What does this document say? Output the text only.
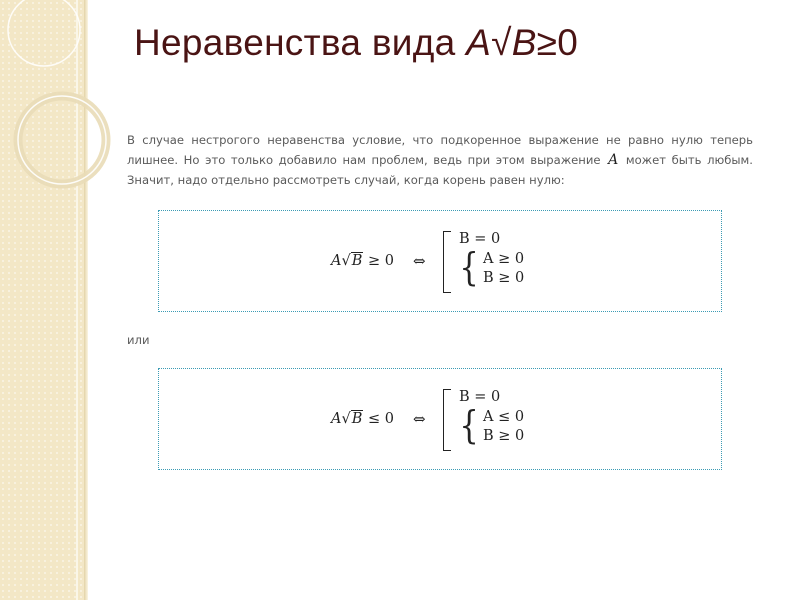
Неравенства вида A√B≥0
В случае нестрогого неравенства условие, что подкоренное выражение не равно нулю теперь лишнее. Но это только добавило нам проблем, ведь при этом выражение A может быть любым. Значит, надо отдельно рассмотреть случай, когда корень равен нулю:
A√B ≥ 0 ⇔
B = 0
{ A ≥ 0
B ≥ 0
или
A√B ≤ 0 ⇔
B = 0
{ A ≤ 0
B ≥ 0
